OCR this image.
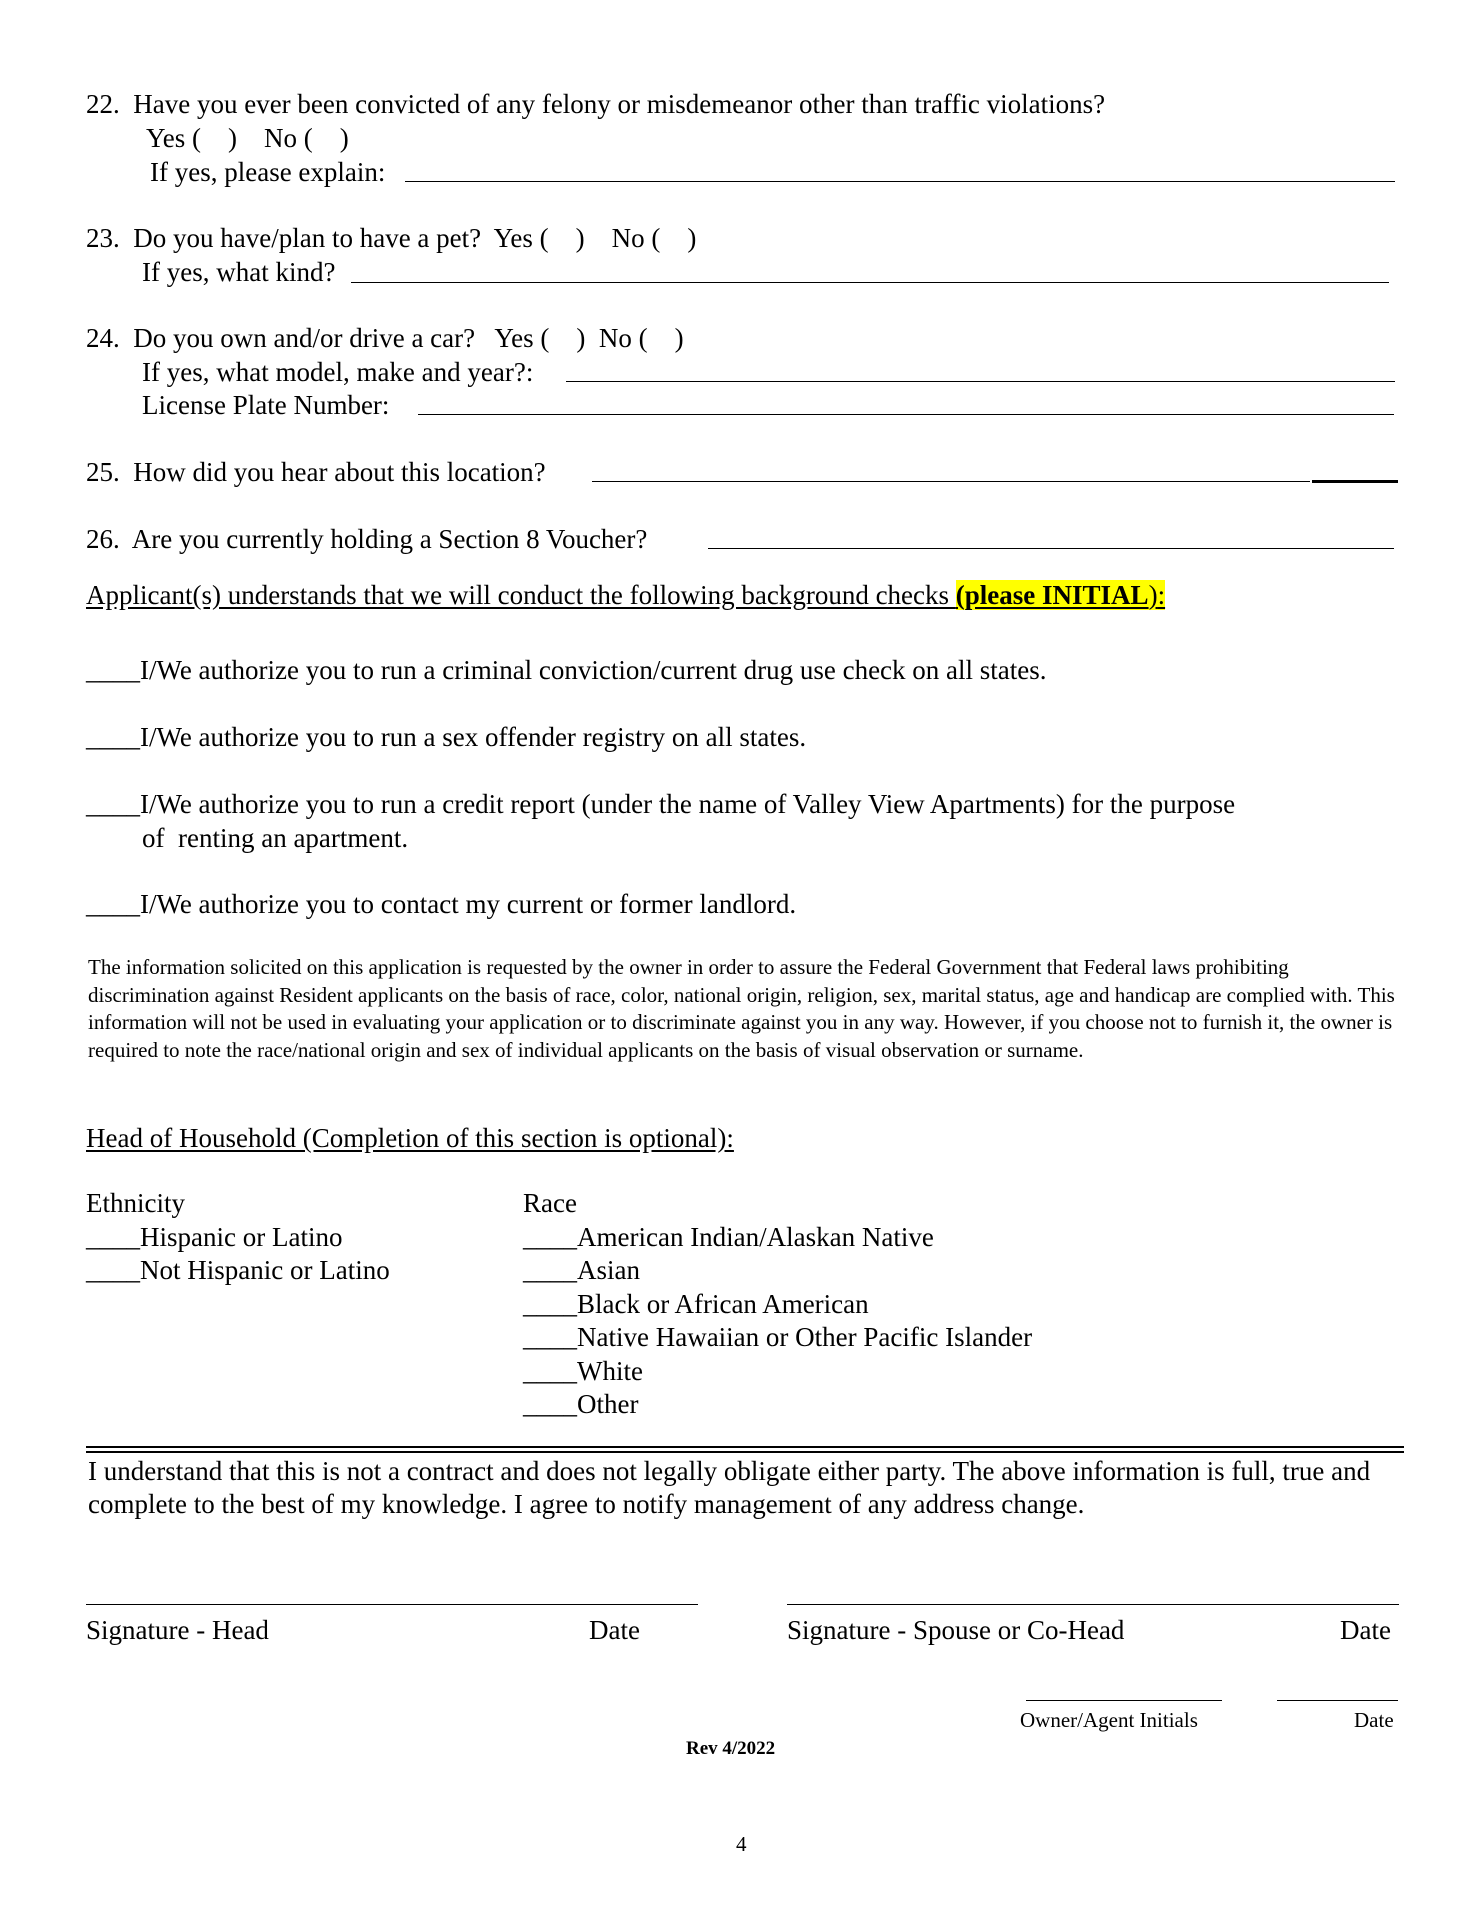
22.  Have you ever been convicted of any felony or misdemeanor other than traffic violations?
Yes (    )    No (    )
If yes, please explain:
23.  Do you have/plan to have a pet?  Yes (    )    No (    )
If yes, what kind?
24.  Do you own and/or drive a car?   Yes (    )  No (    )
If yes, what model, make and year?:
License Plate Number:
25.  How did you hear about this location?
26.  Are you currently holding a Section 8 Voucher?
Applicant(s) understands that we will conduct the following background checks (please INITIAL):
____I/We authorize you to run a criminal conviction/current drug use check on all states.
____I/We authorize you to run a sex offender registry on all states.
____I/We authorize you to run a credit report (under the name of Valley View Apartments) for the purpose
of  renting an apartment.
____I/We authorize you to contact my current or former landlord.
The information solicited on this application is requested by the owner in order to assure the Federal Government that Federal laws prohibiting discrimination against Resident applicants on the basis of race, color, national origin, religion, sex, marital status, age and handicap are complied with. This information will not be used in evaluating your application or to discriminate against you in any way. However, if you choose not to furnish it, the owner is required to note the race/national origin and sex of individual applicants on the basis of visual observation or surname.
Head of Household (Completion of this section is optional):
Ethnicity
____Hispanic or Latino
____Not Hispanic or Latino
Race
____American Indian/Alaskan Native
____Asian
____Black or African American
____Native Hawaiian or Other Pacific Islander
____White
____Other
I understand that this is not a contract and does not legally obligate either party. The above information is full, true and complete to the best of my knowledge. I agree to notify management of any address change.
Signature - Head	Date	Signature - Spouse or Co-Head	Date
Owner/Agent Initials	Date
Rev 4/2022
4
